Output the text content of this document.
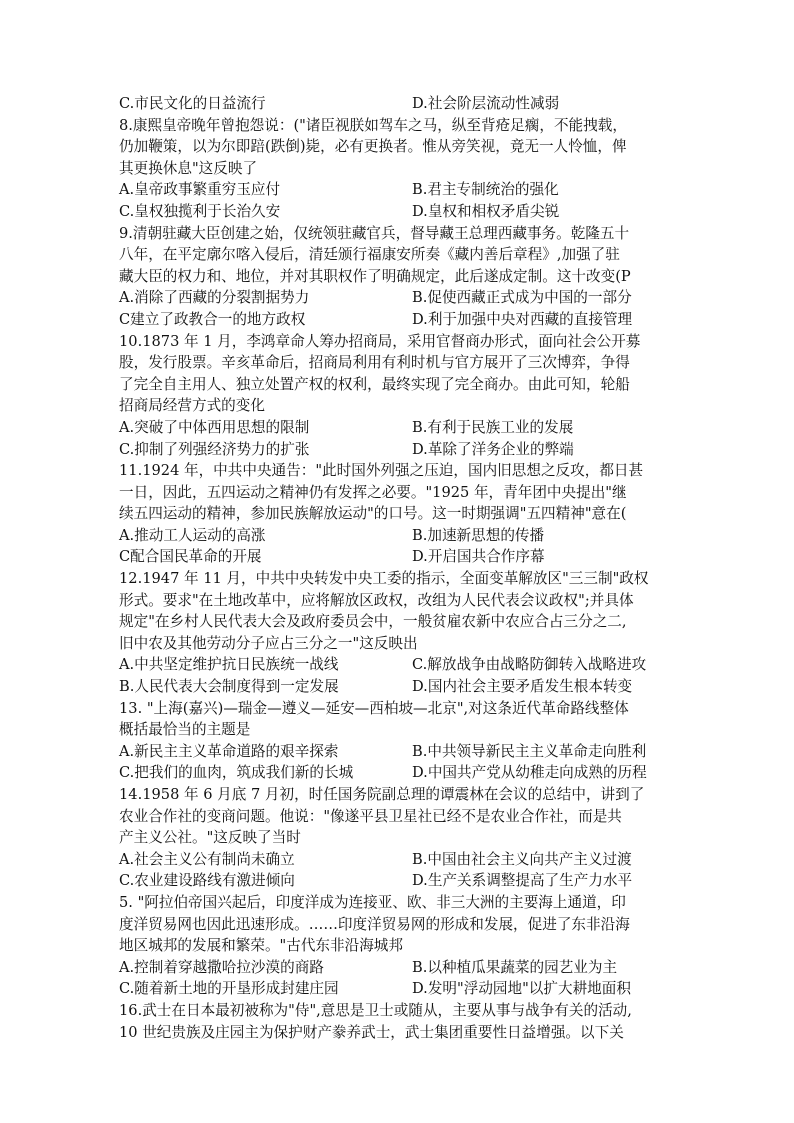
C.市民文化的日益流行	D.社会阶层流动性减弱
8.康熙皇帝晚年曾抱怨说：("诸臣视朕如驾车之马，纵至背疮足瘸，不能拽载，
仍加鞭策，以为尔即踣(跌倒)毙，必有更换者。惟从旁笑视，竟无一人怜恤，俾
其更换休息"这反映了
A.皇帝政事繁重穷玉应付	B.君主专制统治的强化
C.皇权独揽利于长治久安	D.皇权和相权矛盾尖锐
9.清朝驻藏大臣创建之始，仅统领驻藏官兵，督导藏王总理西藏事务。乾隆五十
八年，在平定廓尔喀入侵后，清廷颁行福康安所奏《藏内善后章程》,加强了驻
藏大臣的权力和、地位，并对其职权作了明确规定，此后遂成定制。这十改变(P
A.消除了西藏的分裂割据势力	B.促使西藏正式成为中国的一部分
C建立了政教合一的地方政权	D.利于加强中央对西藏的直接管理
10.1873 年 1 月，李鸿章命人筹办招商局，采用官督商办形式，面向社会公开募
股，发行股票。辛亥革命后，招商局利用有利时机与官方展开了三次博弈，争得
了完全自主用人、独立处置产权的权利，最终实现了完全商办。由此可知，轮船
招商局经营方式的变化
A.突破了中体西用思想的限制	B.有利于民族工业的发展
C.抑制了列强经济势力的扩张	D.革除了洋务企业的弊端
11.1924 年，中共中央通告："此时国外列强之压迫，国内旧思想之反攻，都日甚
一日，因此，五四运动之精神仍有发挥之必要。"1925 年，青年团中央提出"继
续五四运动的精神，参加民族解放运动"的口号。这一时期强调"五四精神"意在(
A.推动工人运动的高涨	B.加速新思想的传播
C配合国民革命的开展	D.开启国共合作序幕
12.1947 年 11 月，中共中央转发中央工委的指示，全面变革解放区"三三制"政权
形式。要求"在土地改革中，应将解放区政权，改组为人民代表会议政权";并具体
规定"在乡村人民代表大会及政府委员会中，一般贫雇农新中农应合占三分之二,
旧中农及其他劳动分子应占三分之一"这反映出
A.中共坚定维护抗日民族统一战线	C.解放战争由战略防御转入战略进攻
B.人民代表大会制度得到一定发展	D.国内社会主要矛盾发生根本转变
13. "上海(嘉兴)—瑞金—遵义—延安—西柏坡—北京",对这条近代革命路线整体
概括最恰当的主题是
A.新民主主义革命道路的艰辛探索	B.中共领导新民主主义革命走向胜利
C.把我们的血肉，筑成我们新的长城	D.中国共产党从幼稚走向成熟的历程
14.1958 年 6 月底 7 月初，时任国务院副总理的谭震林在会议的总结中，讲到了
农业合作社的变商问题。他说："像遂平县卫星社已经不是农业合作社，而是共
产主义公社。"这反映了当时
A.社会主义公有制尚未确立	B.中国由社会主义向共产主义过渡
C.农业建设路线有激进倾向	D.生产关系调整提高了生产力水平
5. "阿拉伯帝国兴起后，印度洋成为连接亚、欧、非三大洲的主要海上通道，印
度洋贸易网也因此迅速形成。……印度洋贸易网的形成和发展，促进了东非沿海
地区城邦的发展和繁荣。"古代东非沿海城邦
A.控制着穿越撒哈拉沙漠的商路	B.以种植瓜果蔬菜的园艺业为主
C.随着新土地的开垦形成封建庄园	D.发明"浮动园地"以扩大耕地面积
16.武士在日本最初被称为"侍",意思是卫士或随从，主要从事与战争有关的活动,
10 世纪贵族及庄园主为保护财产豢养武士，武士集团重要性日益增强。以下关
